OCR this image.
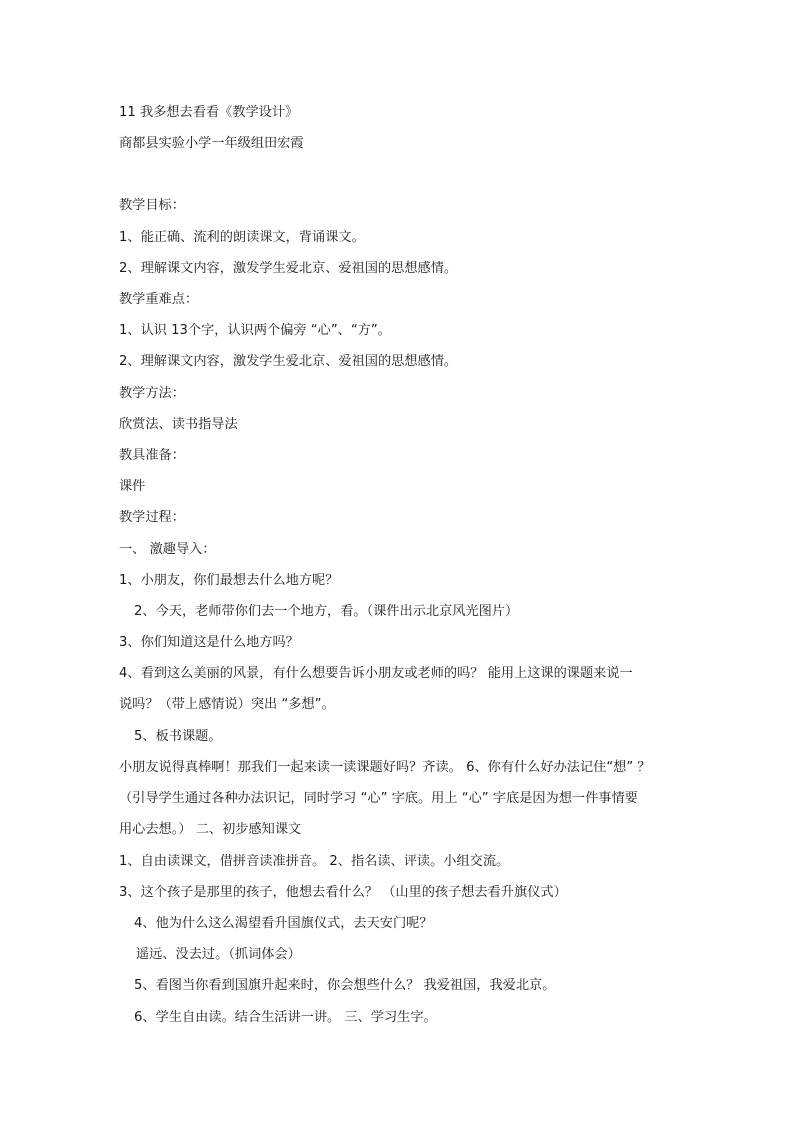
11 我多想去看看《教学设计》
商都县实验小学一年级组田宏霞
教学目标：
1、能正确、流利的朗读课文，背诵课文。
2、理解课文内容，激发学生爱北京、爱祖国的思想感情。
教学重难点：
1、认识 13个字，认识两个偏旁 “心”、“方”。
2、理解课文内容，激发学生爱北京、爱祖国的思想感情。
教学方法：
欣赏法、读书指导法
教具准备：
课件
教学过程：
一、 激趣导入：
1、小朋友，你们最想去什么地方呢？
2、今天，老师带你们去一个地方，看。（课件出示北京风光图片）
3、你们知道这是什么地方吗？
4、看到这么美丽的风景，有什么想要告诉小朋友或老师的吗？ 能用上这课的课题来说一
说吗？（带上感情说）突出 “多想”。
5、板书课题。
小朋友说得真棒啊！那我们一起来读一读课题好吗？齐读。 6、你有什么好办法记住“想” ？
（引导学生通过各种办法识记，同时学习 “心” 字底。用上 “心” 字底是因为想一件事情要
用心去想。） 二、初步感知课文
1、自由读课文，借拼音读准拼音。 2、指名读、评读。小组交流。
3、这个孩子是那里的孩子，他想去看什么？ （山里的孩子想去看升旗仪式）
4、他为什么这么渴望看升国旗仪式，去天安门呢？
遥远、没去过。（抓词体会）
5、看图当你看到国旗升起来时，你会想些什么？ 我爱祖国，我爱北京。
6、学生自由读。结合生活讲一讲。 三、学习生字。
